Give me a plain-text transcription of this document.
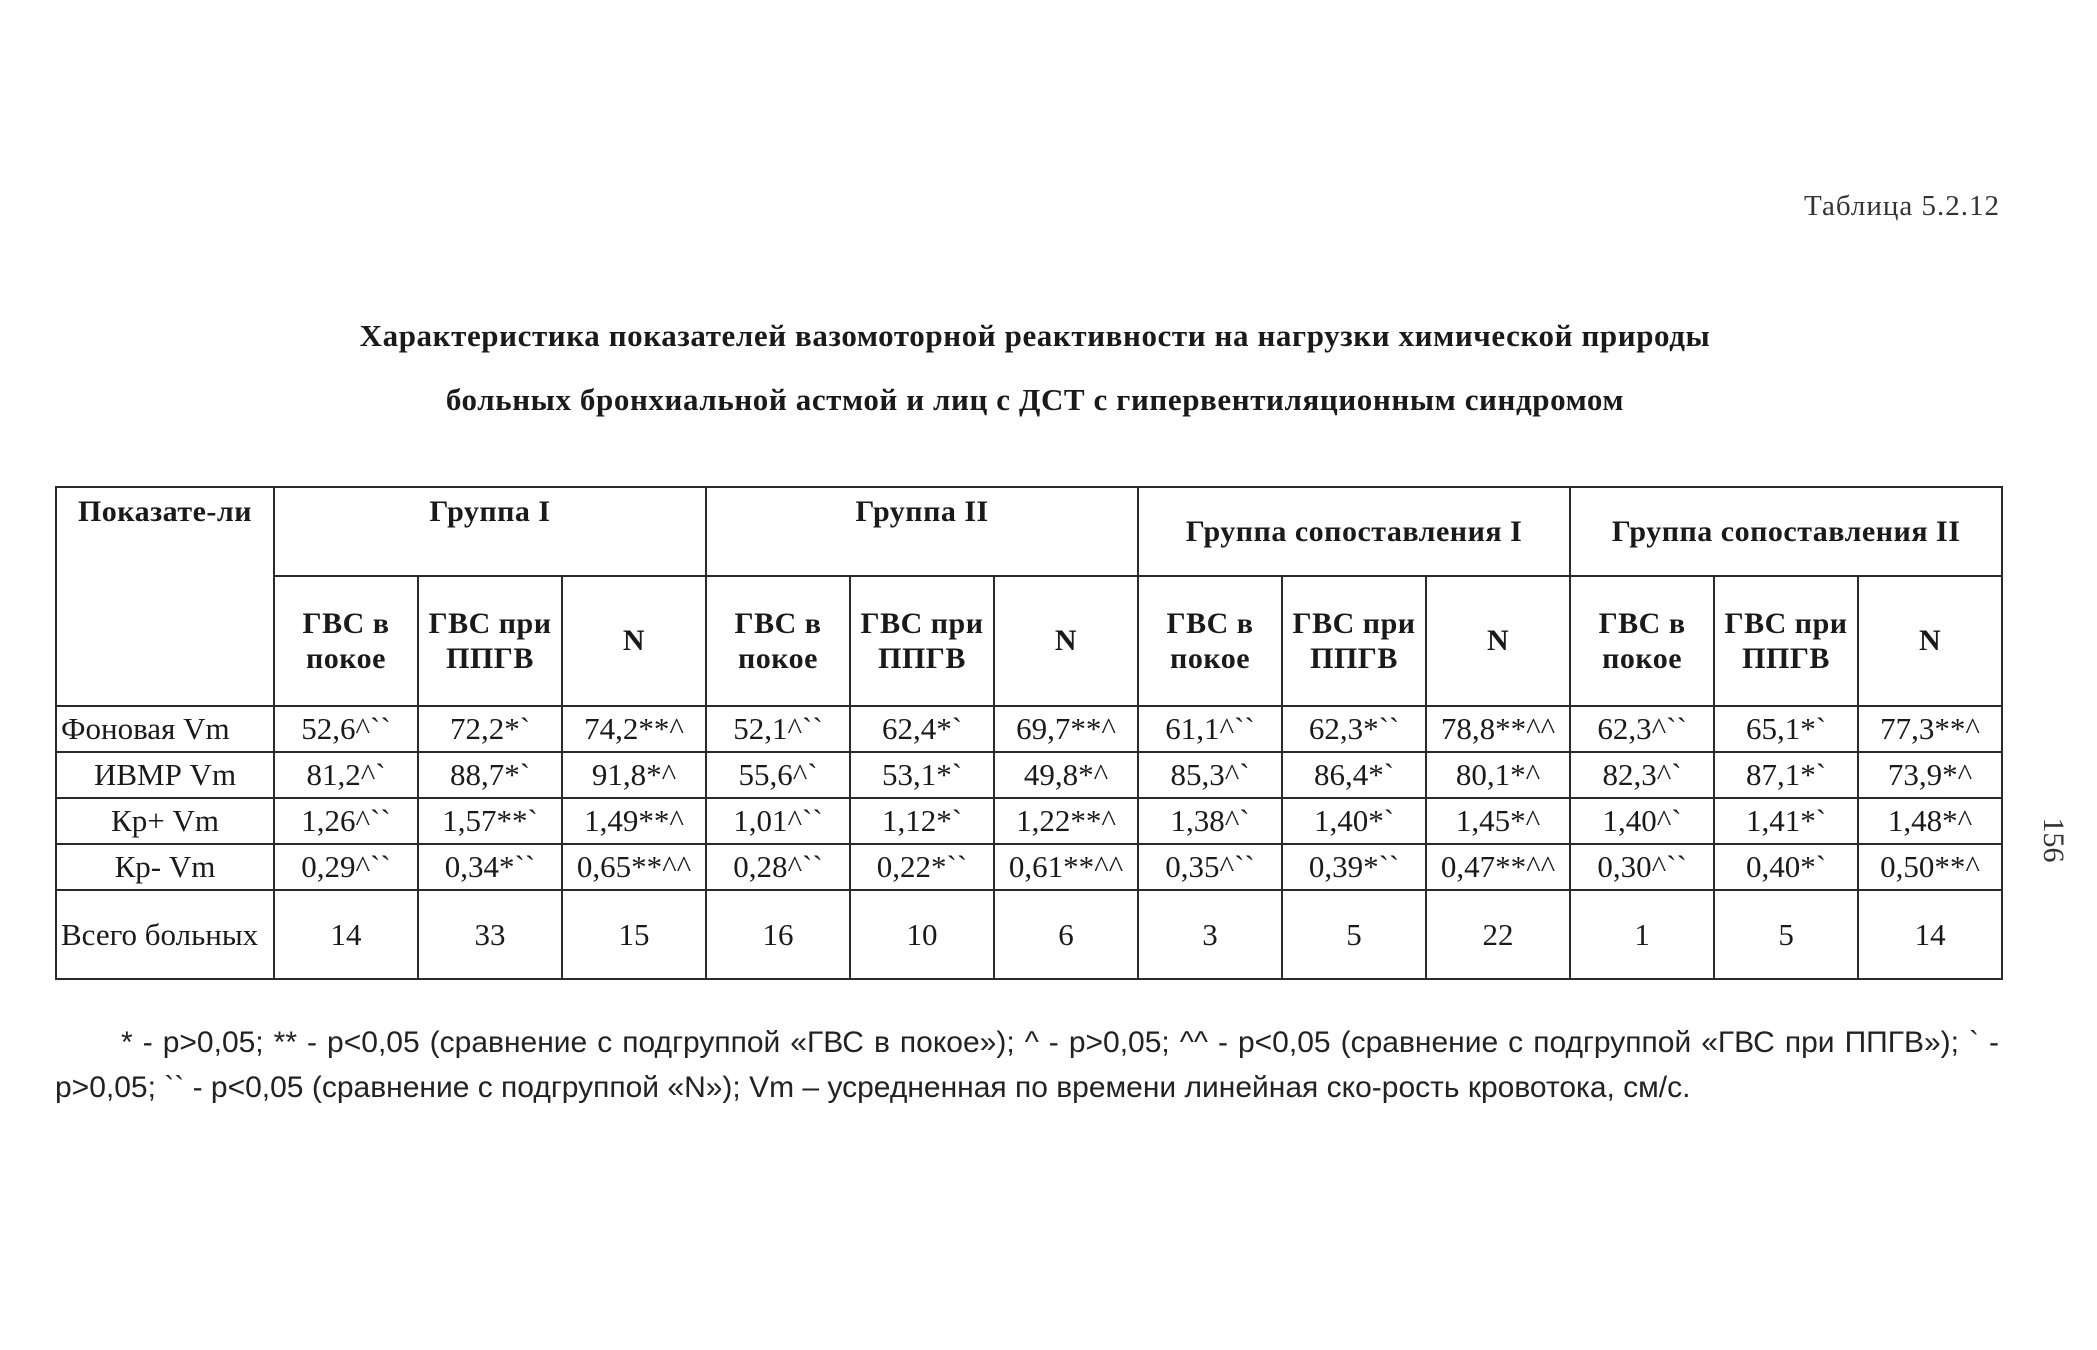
Таблица 5.2.12
Характеристика показателей вазомоторной реактивности на нагрузки химической природы
больных бронхиальной астмой и лиц с ДСТ с гипервентиляционным синдромом
Показате-ли	Группа I			Группа II			Группа сопоставления I			Группа сопоставления II		
	ГВС в покое	ГВС при ППГВ	N	ГВС в покое	ГВС при ППГВ	N	ГВС в покое	ГВС при ППГВ	N	ГВС в покое	ГВС при ППГВ	N
Фоновая Vm	52,6^``	72,2*`	74,2**^	52,1^``	62,4*`	69,7**^	61,1^``	62,3*``	78,8**^^	62,3^``	65,1*`	77,3**^
ИВМР Vm	81,2^`	88,7*`	91,8*^	55,6^`	53,1*`	49,8*^	85,3^`	86,4*`	80,1*^	82,3^`	87,1*`	73,9*^
Кр+ Vm	1,26^``	1,57**`	1,49**^	1,01^``	1,12*`	1,22**^	1,38^`	1,40*`	1,45*^	1,40^`	1,41*`	1,48*^
Кр- Vm	0,29^``	0,34*``	0,65**^^	0,28^``	0,22*``	0,61**^^	0,35^``	0,39*``	0,47**^^	0,30^``	0,40*`	0,50**^
Всего больных	14	33	15	16	10	6	3	5	22	1	5	14
* - р>0,05; ** - р<0,05 (сравнение с подгруппой «ГВС в покое»); ^ - р>0,05; ^^ - р<0,05 (сравнение с подгруппой «ГВС при ППГВ»); ` - р>0,05; `` - р<0,05 (сравнение с подгруппой «N»); Vm – усредненная по времени линейная ско-рость кровотока, см/с.
156
